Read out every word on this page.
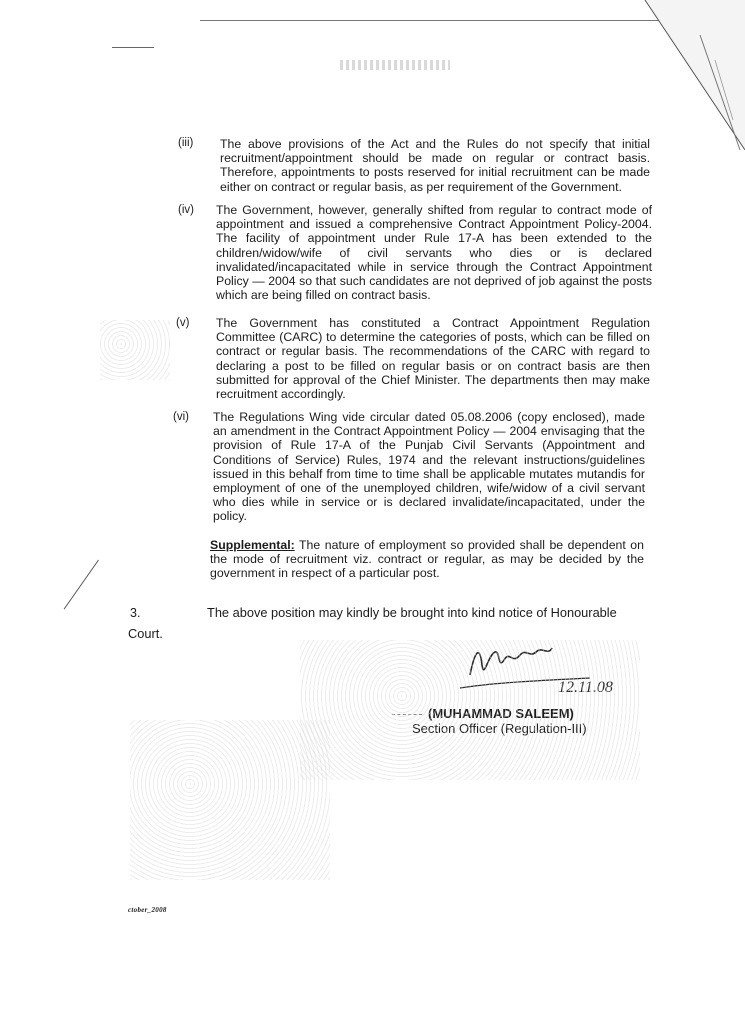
(iii) The above provisions of the Act and the Rules do not specify that initial recruitment/appointment should be made on regular or contract basis. Therefore, appointments to posts reserved for initial recruitment can be made either on contract or regular basis, as per requirement of the Government.
(iv) The Government, however, generally shifted from regular to contract mode of appointment and issued a comprehensive Contract Appointment Policy-2004. The facility of appointment under Rule 17-A has been extended to the children/widow/wife of civil servants who dies or is declared invalidated/incapacitated while in service through the Contract Appointment Policy — 2004 so that such candidates are not deprived of job against the posts which are being filled on contract basis.
(v) The Government has constituted a Contract Appointment Regulation Committee (CARC) to determine the categories of posts, which can be filled on contract or regular basis. The recommendations of the CARC with regard to declaring a post to be filled on regular basis or on contract basis are then submitted for approval of the Chief Minister. The departments then may make recruitment accordingly.
(vi) The Regulations Wing vide circular dated 05.08.2006 (copy enclosed), made an amendment in the Contract Appointment Policy — 2004 envisaging that the provision of Rule 17-A of the Punjab Civil Servants (Appointment and Conditions of Service) Rules, 1974 and the relevant instructions/guidelines issued in this behalf from time to time shall be applicable mutates mutandis for employment of one of the unemployed children, wife/widow of a civil servant who dies while in service or is declared invalidate/incapacitated, under the policy.
Supplemental: The nature of employment so provided shall be dependent on the mode of recruitment viz. contract or regular, as may be decided by the government in respect of a particular post.
3.	The above position may kindly be brought into kind notice of Honourable
Court.
12.11.08
(MUHAMMAD SALEEM)
Section Officer (Regulation-III)
ctober_2008
